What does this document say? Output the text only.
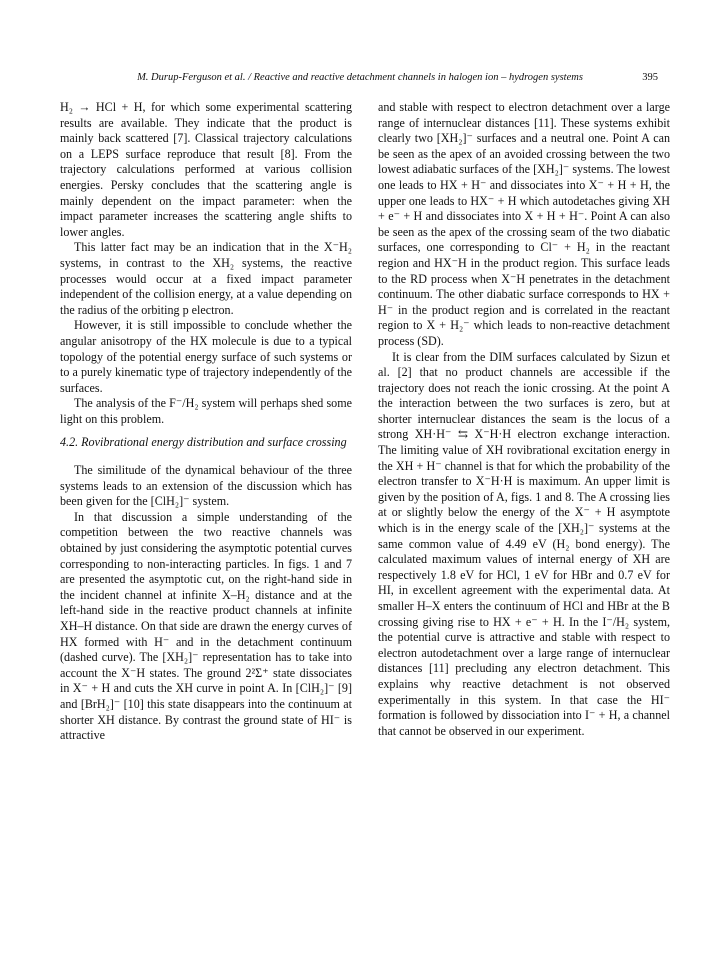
M. Durup-Ferguson et al. / Reactive and reactive detachment channels in halogen ion – hydrogen systems	395

H₂ → HCl + H, for which some experimental scattering results are available. They indicate that the product is mainly back scattered [7]. Classical trajectory calculations on a LEPS surface reproduce that result [8]. From the trajectory calculations performed at various collision energies. Persky concludes that the scattering angle is mainly dependent on the impact parameter: when the impact parameter increases the scattering angle shifts to lower angles.

This latter fact may be an indication that in the X⁻H₂ systems, in contrast to the XH₂ systems, the reactive processes would occur at a fixed impact parameter independent of the collision energy, at a value depending on the radius of the orbiting p electron.

However, it is still impossible to conclude whether the angular anisotropy of the HX molecule is due to a typical topology of the potential energy surface of such systems or to a purely kinematic type of trajectory independently of the surfaces.

The analysis of the F⁻/H₂ system will perhaps shed some light on this problem.

4.2. Rovibrational energy distribution and surface crossing

The similitude of the dynamical behaviour of the three systems leads to an extension of the discussion which has been given for the [ClH₂]⁻ system.

In that discussion a simple understanding of the competition between the two reactive channels was obtained by just considering the asymptotic potential curves corresponding to non-interacting particles. In figs. 1 and 7 are presented the asymptotic cut, on the right-hand side in the incident channel at infinite X–H₂ distance and at the left-hand side in the reactive product channels at infinite XH–H distance. On that side are drawn the energy curves of HX formed with H⁻ and in the detachment continuum (dashed curve). The [XH₂]⁻ representation has to take into account the X⁻H states. The ground 2²Σ⁺ state dissociates in X⁻ + H and cuts the XH curve in point A. In [ClH₂]⁻ [9] and [BrH₂]⁻ [10] this state disappears into the continuum at shorter XH distance. By contrast the ground state of HI⁻ is attractive

and stable with respect to electron detachment over a large range of internuclear distances [11]. These systems exhibit clearly two [XH₂]⁻ surfaces and a neutral one. Point A can be seen as the apex of an avoided crossing between the two lowest adiabatic surfaces of the [XH₂]⁻ systems. The lowest one leads to HX + H⁻ and dissociates into X⁻ + H + H, the upper one leads to HX⁻ + H which autodetaches giving XH + e⁻ + H and dissociates into X + H + H⁻. Point A can also be seen as the apex of the crossing seam of the two diabatic surfaces, one corresponding to Cl⁻ + H₂ in the reactant region and HX⁻H in the product region. This surface leads to the RD process when X⁻H penetrates in the detachment continuum. The other diabatic surface corresponds to HX + H⁻ in the product region and is correlated in the reactant region to X + H₂⁻ which leads to non-reactive detachment process (SD).

It is clear from the DIM surfaces calculated by Sizun et al. [2] that no product channels are accessible if the trajectory does not reach the ionic crossing. At the point A the interaction between the two surfaces is zero, but at shorter internuclear distances the seam is the locus of a strong XH·H⁻ ⇆ X⁻H·H electron exchange interaction. The limiting value of XH rovibrational excitation energy in the XH + H⁻ channel is that for which the probability of the electron transfer to X⁻H·H is maximum. An upper limit is given by the position of A, figs. 1 and 8. The A crossing lies at or slightly below the energy of the X⁻ + H asymptote which is in the energy scale of the [XH₂]⁻ systems at the same common value of 4.49 eV (H₂ bond energy). The calculated maximum values of internal energy of XH are respectively 1.8 eV for HCl, 1 eV for HBr and 0.7 eV for HI, in excellent agreement with the experimental data. At smaller H–X enters the continuum of HCl and HBr at the B crossing giving rise to HX + e⁻ + H. In the I⁻/H₂ system, the potential curve is attractive and stable with respect to electron autodetachment over a large range of internuclear distances [11] precluding any electron detachment. This explains why reactive detachment is not observed experimentally in this system. In that case the HI⁻ formation is followed by dissociation into I⁻ + H, a channel that cannot be observed in our experiment.
